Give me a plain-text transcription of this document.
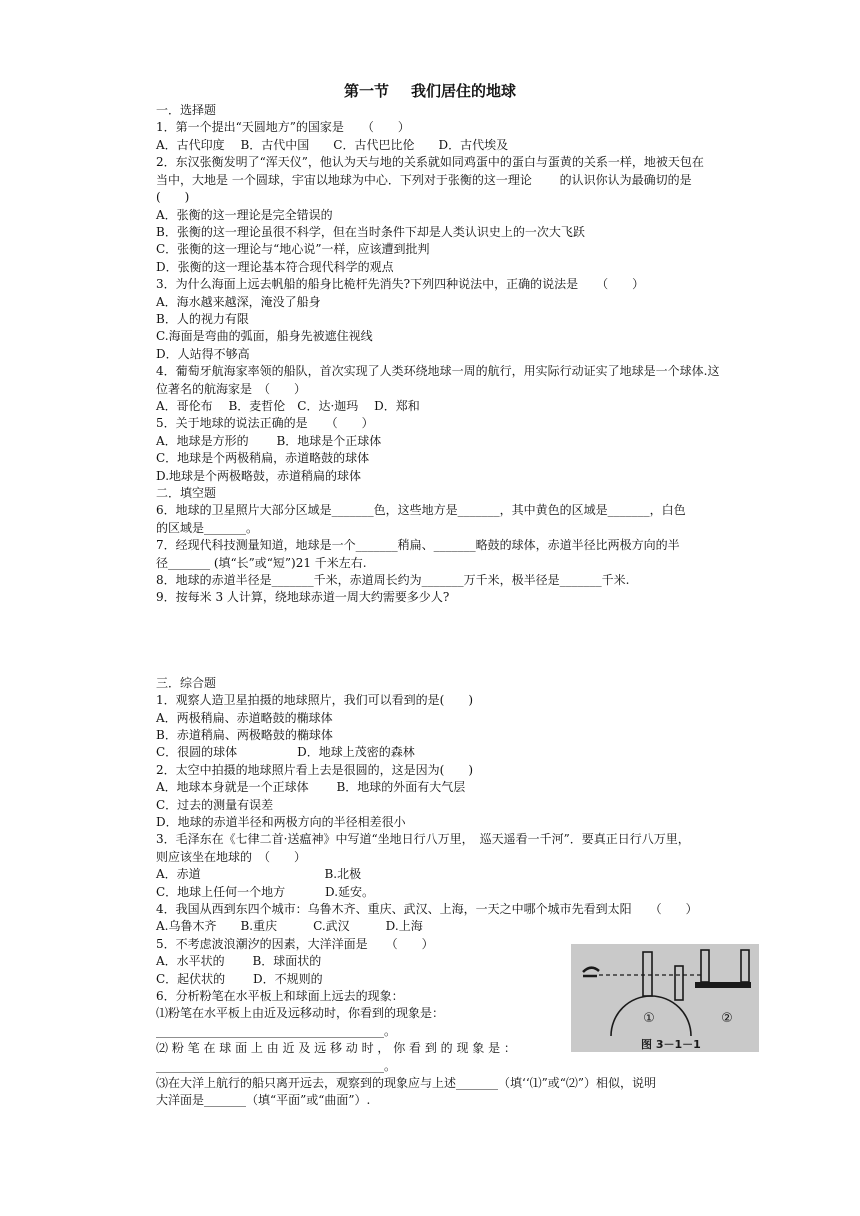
第一节 我们居住的地球
一．选择题
1．第一个提出“天圆地方”的国家是　　（　　）
A．古代印度　 B．古代中国　　C．古代巴比伦　　D．古代埃及
2．东汉张衡发明了“浑天仪”，他认为天与地的关系就如同鸡蛋中的蛋白与蛋黄的关系一样，地被天包在
当中，大地是 一个圆球，宇宙以地球为中心．下列对于张衡的这一理论　　 的认识你认为最确切的是
(　　)
A．张衡的这一理论是完全错误的
B．张衡的这一理论虽很不科学，但在当时条件下却是人类认识史上的一次大飞跃
C．张衡的这一理论与“地心说”一样，应该遭到批判
D．张衡的这一理论基本符合现代科学的观点
3．为什么海面上远去帆船的船身比桅杆先消失?下列四种说法中，正确的说法是　　（　　）
A．海水越来越深，淹没了船身
B．人的视力有限
C.海面是弯曲的弧面，船身先被遮住视线
D．人站得不够高
4．葡萄牙航海家率领的船队，首次实现了人类环绕地球一周的航行，用实际行动证实了地球是一个球体.这
位著名的航海家是　（　　）
A．哥伦布　 B．麦哲伦　C．达·迦玛　 D．郑和
5．关于地球的说法正确的是　　（　　）
A．地球是方形的　　 B．地球是个正球体
C．地球是个两极稍扁，赤道略鼓的球体
D.地球是个两极略鼓，赤道稍扁的球体
二．填空题
6．地球的卫星照片大部分区域是_______色，这些地方是_______，其中黄色的区域是_______，白色
的区域是_______。
7．经现代科技测量知道，地球是一个_______稍扁、_______略鼓的球体，赤道半径比两极方向的半
径_______ (填“长”或“短”)21 千米左右.
8．地球的赤道半径是_______千米，赤道周长约为_______万千米，极半径是_______千米.
9．按每米 3 人计算，绕地球赤道一周大约需要多少人?
三．综合题
1．观察人造卫星拍摄的地球照片，我们可以看到的是(　　)
A．两极稍扁、赤道略鼓的椭球体
B．赤道稍扁、两极略鼓的椭球体
C．很圆的球体　　　　　D．地球上茂密的森林
2．太空中拍摄的地球照片看上去是很圆的，这是因为(　　)
A．地球本身就是一个正球体　　 B．地球的外面有大气层
C．过去的测量有误差
D．地球的赤道半径和两极方向的半径相差很小
3．毛泽东在《七律二首·送瘟神》中写道“坐地日行八万里，　巡天遥看一千河”．要真正日行八万里，
则应该坐在地球的　（　　）
A．赤道　　　　　　　　　　 B.北极
C．地球上任何一个地方　　　 D.延安。
4．我国从西到东四个城市：乌鲁木齐、重庆、武汉、上海，一天之中哪个城市先看到太阳　　（　　）
A.乌鲁木齐　　B.重庆　　　C.武汉　　　D.上海
5．不考虑波浪潮汐的因素，大洋洋面是　　（　　）
A．水平状的　　 B．球面状的
C．起伏状的　　 D．不规则的
6．分析粉笔在水平板上和球面上远去的现象：
⑴粉笔在水平板上由近及远移动时，你看到的现象是：
______________________________________。
⑵ 粉 笔 在 球 面 上 由 近 及 远 移 动 时 ， 你 看 到 的 现 象 是 ：
______________________________________。
⑶在大洋上航行的船只离开远去，观察到的现象应与上述_______（填‘‘⑴”或“⑵”）相似，说明
大洋面是_______（填“平面”或“曲面”）.
①	②
图 3－1－1
